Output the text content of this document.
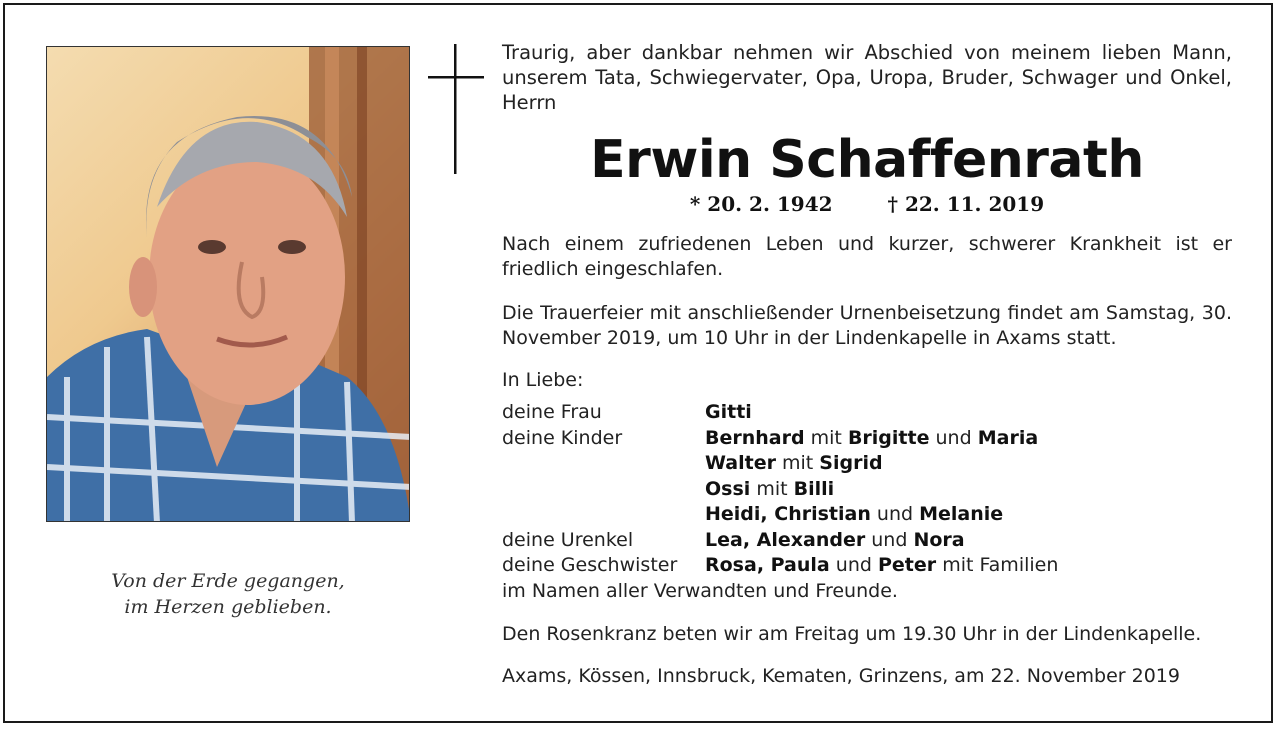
Von der Erde gegangen,
im Herzen geblieben.
Traurig, aber dankbar nehmen wir Abschied von meinem lieben Mann, unserem Tata, Schwiegervater, Opa, Uropa, Bruder, Schwager und Onkel, Herrn
Erwin Schaffenrath
* 20. 2. 1942	† 22. 11. 2019
Nach einem zufriedenen Leben und kurzer, schwerer Krankheit ist er friedlich eingeschlafen.
Die Trauerfeier mit anschließender Urnenbeisetzung findet am Samstag, 30. November 2019, um 10 Uhr in der Lindenkapelle in Axams statt.
In Liebe:
deine Frau	Gitti
deine Kinder	Bernhard mit Brigitte und Maria
Walter mit Sigrid
Ossi mit Billi
Heidi, Christian und Melanie
deine Urenkel	Lea, Alexander und Nora
deine Geschwister	Rosa, Paula und Peter mit Familien
im Namen aller Verwandten und Freunde.
Den Rosenkranz beten wir am Freitag um 19.30 Uhr in der Lindenkapelle.
Axams, Kössen, Innsbruck, Kematen, Grinzens, am 22. November 2019
